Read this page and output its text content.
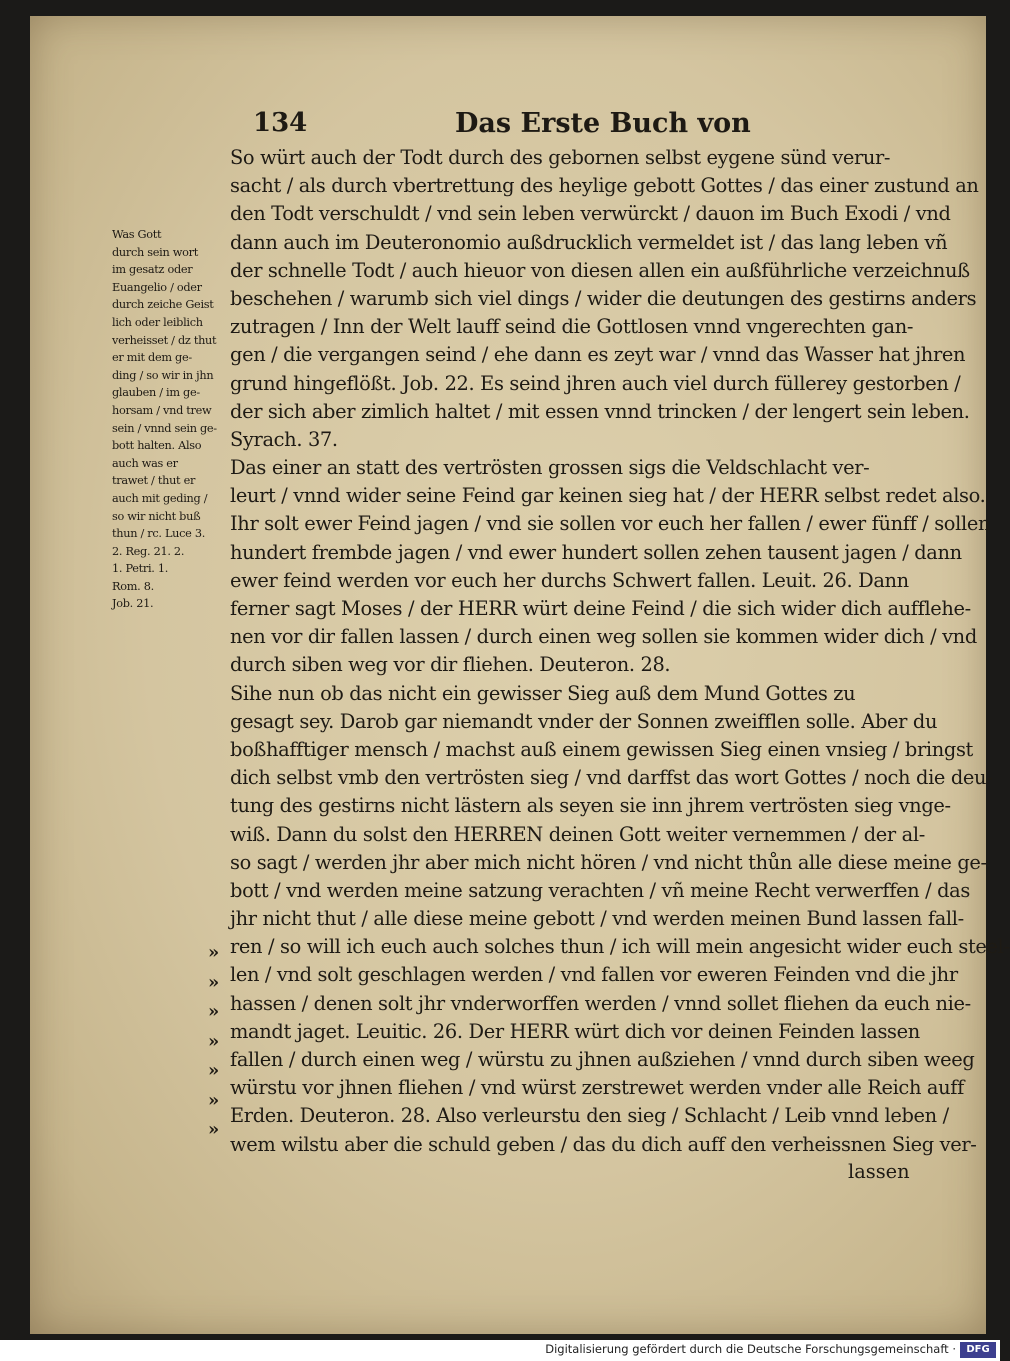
134	Das Erste Buch von
Was Gott
durch sein wort
im gesatz oder
Euangelio / oder
durch zeiche Geist
lich oder leiblich
verheisset / dz thut
er mit dem ge-
ding / so wir in jhn
glauben / im ge-
horsam / vnd trew
sein / vnnd sein ge-
bott halten. Also
auch was er
trawet / thut er
auch mit geding /
so wir nicht buß
thun / rc. Luce 3.
2. Reg. 21. 2.
1. Petri. 1.
Rom. 8.
Job. 21.
»
»
»
»
»
»
»
So würt auch der Todt durch des gebornen selbst eygene sünd verur-
sacht / als durch vbertrettung des heylige gebott Gottes / das einer zustund an
den Todt verschuldt / vnd sein leben verwürckt / dauon im Buch Exodi / vnd
dann auch im Deuteronomio außdrucklich vermeldet ist / das lang leben vñ
der schnelle Todt / auch hieuor von diesen allen ein außführliche verzeichnuß
beschehen / warumb sich viel dings / wider die deutungen des gestirns anders
zutragen / Inn der Welt lauff seind die Gottlosen vnnd vngerechten gan-
gen / die vergangen seind / ehe dann es zeyt war / vnnd das Wasser hat jhren
grund hingeflößt. Job. 22. Es seind jhren auch viel durch füllerey gestorben /
der sich aber zimlich haltet / mit essen vnnd trincken / der lengert sein leben.
Syrach. 37.
Das einer an statt des vertrösten grossen sigs die Veldschlacht ver-
leurt / vnnd wider seine Feind gar keinen sieg hat / der HERR selbst redet also.
Ihr solt ewer Feind jagen / vnd sie sollen vor euch her fallen / ewer fünff / sollen
hundert frembde jagen / vnd ewer hundert sollen zehen tausent jagen / dann
ewer feind werden vor euch her durchs Schwert fallen. Leuit. 26. Dann
ferner sagt Moses / der HERR würt deine Feind / die sich wider dich aufflehe-
nen vor dir fallen lassen / durch einen weg sollen sie kommen wider dich / vnd
durch siben weg vor dir fliehen. Deuteron. 28.
Sihe nun ob das nicht ein gewisser Sieg auß dem Mund Gottes zu
gesagt sey. Darob gar niemandt vnder der Sonnen zweifflen solle. Aber du
boßhafftiger mensch / machst auß einem gewissen Sieg einen vnsieg / bringst
dich selbst vmb den vertrösten sieg / vnd darffst das wort Gottes / noch die deu-
tung des gestirns nicht lästern als seyen sie inn jhrem vertrösten sieg vnge-
wiß. Dann du solst den HERREN deinen Gott weiter vernemmen / der al-
so sagt / werden jhr aber mich nicht hören / vnd nicht thůn alle diese meine ge-
bott / vnd werden meine satzung verachten / vñ meine Recht verwerffen / das
jhr nicht thut / alle diese meine gebott / vnd werden meinen Bund lassen fall-
ren / so will ich euch auch solches thun / ich will mein angesicht wider euch steel-
len / vnd solt geschlagen werden / vnd fallen vor eweren Feinden vnd die jhr
hassen / denen solt jhr vnderworffen werden / vnnd sollet fliehen da euch nie-
mandt jaget. Leuitic. 26. Der HERR würt dich vor deinen Feinden lassen
fallen / durch einen weg / würstu zu jhnen außziehen / vnnd durch siben weeg
würstu vor jhnen fliehen / vnd würst zerstrewet werden vnder alle Reich auff
Erden. Deuteron. 28. Also verleurstu den sieg / Schlacht / Leib vnnd leben /
wem wilstu aber die schuld geben / das du dich auff den verheissnen Sieg ver-
lassen
Digitalisierung gefördert durch die Deutsche Forschungsgemeinschaft ·	DFG
